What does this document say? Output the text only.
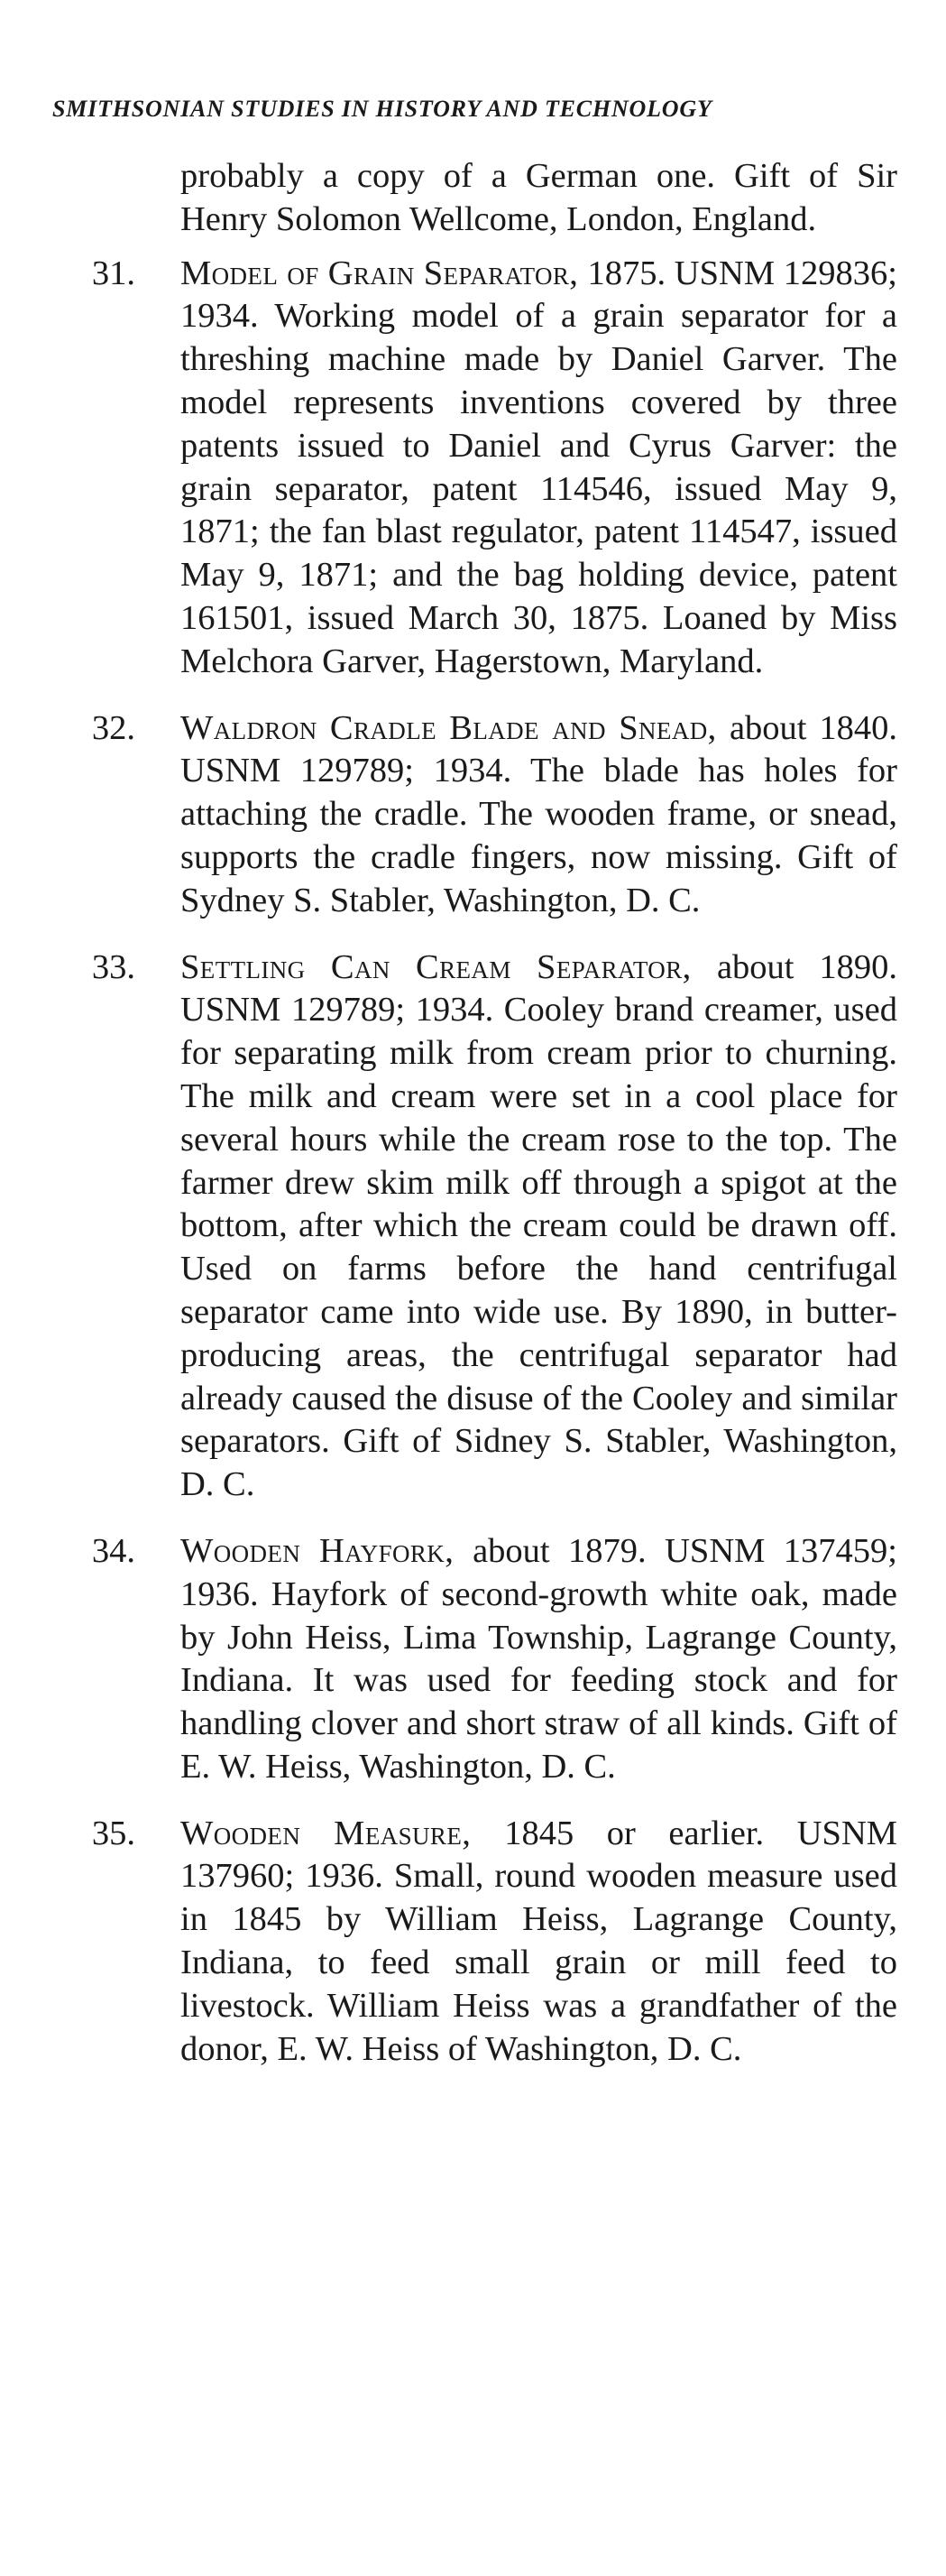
SMITHSONIAN STUDIES IN HISTORY AND TECHNOLOGY

probably a copy of a German one. Gift of Sir Henry Solomon Wellcome, London, England.

31. Model of Grain Separator, 1875. USNM 129836; 1934. Working model of a grain separator for a threshing machine made by Daniel Garver. The model represents inventions covered by three patents issued to Daniel and Cyrus Garver: the grain separator, patent 114546, issued May 9, 1871; the fan blast regulator, patent 114547, issued May 9, 1871; and the bag holding device, patent 161501, issued March 30, 1875. Loaned by Miss Melchora Garver, Hagerstown, Maryland.
32. Waldron Cradle Blade and Snead, about 1840. USNM 129789; 1934. The blade has holes for attaching the cradle. The wooden frame, or snead, supports the cradle fingers, now missing. Gift of Sydney S. Stabler, Washington, D. C.
33. Settling Can Cream Separator, about 1890. USNM 129789; 1934. Cooley brand creamer, used for separating milk from cream prior to churning. The milk and cream were set in a cool place for several hours while the cream rose to the top. The farmer drew skim milk off through a spigot at the bottom, after which the cream could be drawn off. Used on farms before the hand centrifugal separator came into wide use. By 1890, in butter-producing areas, the centrifugal separator had already caused the disuse of the Cooley and similar separators. Gift of Sidney S. Stabler, Washington, D. C.
34. Wooden Hayfork, about 1879. USNM 137459; 1936. Hayfork of second-growth white oak, made by John Heiss, Lima Township, Lagrange County, Indiana. It was used for feeding stock and for handling clover and short straw of all kinds. Gift of E. W. Heiss, Washington, D. C.
35. Wooden Measure, 1845 or earlier. USNM 137960; 1936. Small, round wooden measure used in 1845 by William Heiss, Lagrange County, Indiana, to feed small grain or mill feed to livestock. William Heiss was a grandfather of the donor, E. W. Heiss of Washington, D. C.
